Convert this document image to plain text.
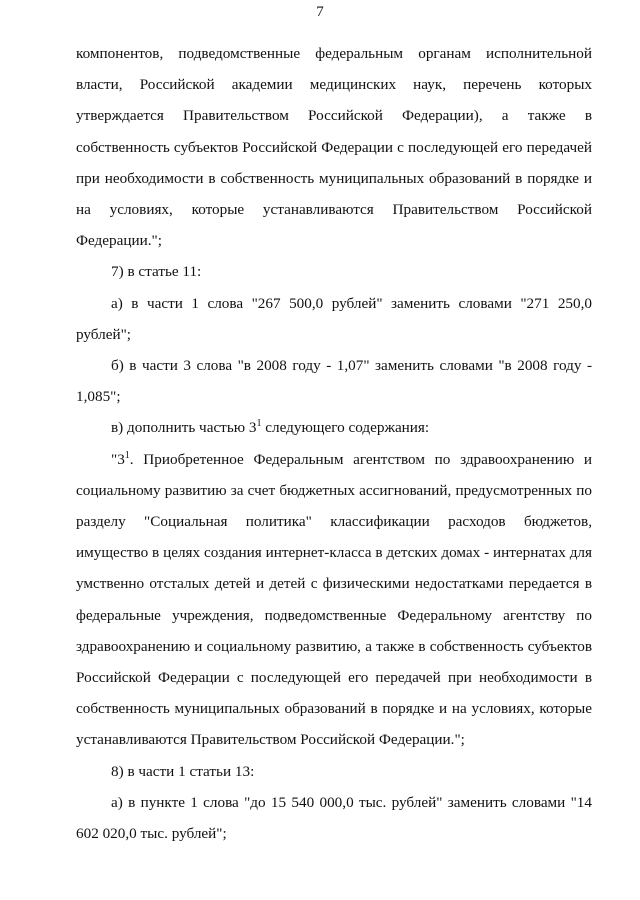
7

компонентов, подведомственные федеральным органам исполнительной власти, Российской академии медицинских наук, перечень которых утверждается Правительством Российской Федерации), а также в собственность субъектов Российской Федерации с последующей его передачей при необходимости в собственность муниципальных образований в порядке и на условиях, которые устанавливаются Правительством Российской Федерации.";

7) в статье 11:

а) в части 1 слова "267 500,0 рублей" заменить словами "271 250,0 рублей";

б) в части 3 слова "в 2008 году - 1,07" заменить словами "в 2008 году - 1,085";

в) дополнить частью $3^1$ следующего содержания:

"$3^1$. Приобретенное Федеральным агентством по здравоохранению и социальному развитию за счет бюджетных ассигнований, предусмотренных по разделу "Социальная политика" классификации расходов бюджетов, имущество в целях создания интернет-класса в детских домах - интернатах для умственно отсталых детей и детей с физическими недостатками передается в федеральные учреждения, подведомственные Федеральному агентству по здравоохранению и социальному развитию, а также в собственность субъектов Российской Федерации с последующей его передачей при необходимости в собственность муниципальных образований в порядке и на условиях, которые устанавливаются Правительством Российской Федерации.";

8) в части 1 статьи 13:

а) в пункте 1 слова "до 15 540 000,0 тыс. рублей" заменить словами "14 602 020,0 тыс. рублей";
